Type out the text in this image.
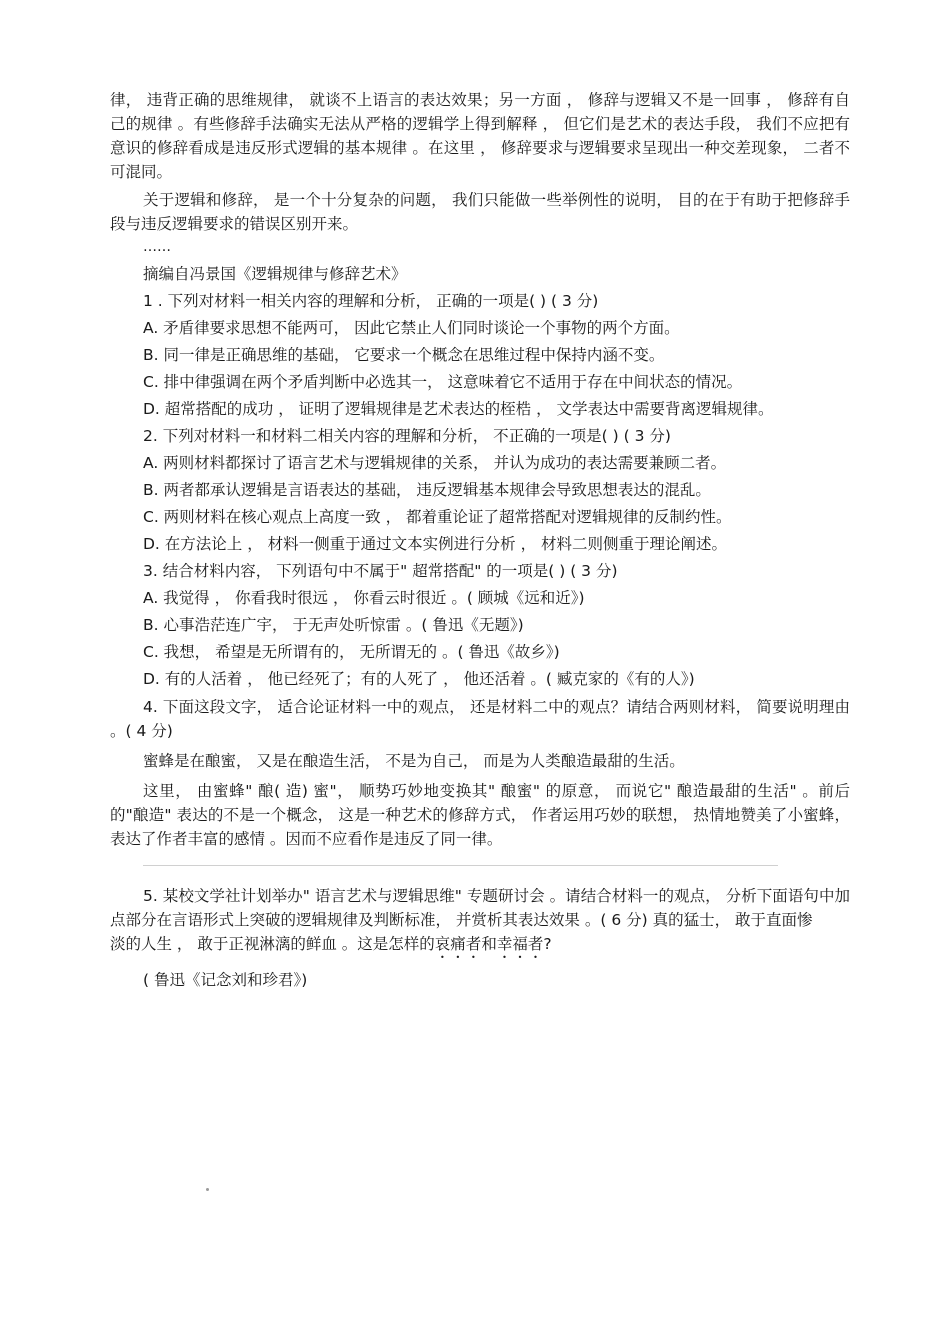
律， 违背正确的思维规律， 就谈不上语言的表达效果；另一方面 ， 修辞与逻辑又不是一回事 ， 修辞有自己的规律 。有些修辞手法确实无法从严格的逻辑学上得到解释 ， 但它们是艺术的表达手段， 我们不应把有意识的修辞看成是违反形式逻辑的基本规律 。在这里 ， 修辞要求与逻辑要求呈现出一种交差现象， 二者不可混同。

关于逻辑和修辞， 是一个十分复杂的问题， 我们只能做一些举例性的说明， 目的在于有助于把修辞手段与违反逻辑要求的错误区别开来。

……

摘编自冯景国《逻辑规律与修辞艺术》

1 . 下列对材料一相关内容的理解和分析， 正确的一项是( ) ( 3 分)

A. 矛盾律要求思想不能两可， 因此它禁止人们同时谈论一个事物的两个方面。

B. 同一律是正确思维的基础， 它要求一个概念在思维过程中保持内涵不变。

C. 排中律强调在两个矛盾判断中必选其一， 这意味着它不适用于存在中间状态的情况。

D. 超常搭配的成功 ， 证明了逻辑规律是艺术表达的桎梏 ， 文学表达中需要背离逻辑规律。

2. 下列对材料一和材料二相关内容的理解和分析， 不正确的一项是( ) ( 3 分)

A. 两则材料都探讨了语言艺术与逻辑规律的关系， 并认为成功的表达需要兼顾二者。

B. 两者都承认逻辑是言语表达的基础， 违反逻辑基本规律会导致思想表达的混乱。

C. 两则材料在核心观点上高度一致 ， 都着重论证了超常搭配对逻辑规律的反制约性。

D. 在方法论上 ， 材料一侧重于通过文本实例进行分析 ， 材料二则侧重于理论阐述。

3. 结合材料内容， 下列语句中不属于" 超常搭配" 的一项是( ) ( 3 分)

A. 我觉得 ， 你看我时很远 ， 你看云时很近 。( 顾城《远和近》)

B. 心事浩茫连广宇， 于无声处听惊雷 。( 鲁迅《无题》)

C. 我想， 希望是无所谓有的， 无所谓无的 。( 鲁迅《故乡》)

D. 有的人活着 ， 他已经死了；有的人死了 ， 他还活着 。( 臧克家的《有的人》)

4. 下面这段文字， 适合论证材料一中的观点， 还是材料二中的观点？请结合两则材料， 简要说明理由 。( 4 分)

蜜蜂是在酿蜜， 又是在酿造生活， 不是为自己， 而是为人类酿造最甜的生活。

这里， 由蜜蜂" 酿( 造) 蜜"， 顺势巧妙地变换其" 酿蜜" 的原意， 而说它" 酿造最甜的生活" 。前后的"酿造" 表达的不是一个概念， 这是一种艺术的修辞方式， 作者运用巧妙的联想， 热情地赞美了小蜜蜂，表达了作者丰富的感情 。因而不应看作是违反了同一律。

5. 某校文学社计划举办" 语言艺术与逻辑思维" 专题研讨会 。请结合材料一的观点， 分析下面语句中加点部分在言语形式上突破的逻辑规律及判断标准， 并赏析其表达效果 。( 6 分) 真的猛士， 敢于直面惨

淡的人生 ， 敢于正视淋漓的鲜血 。这是怎样的哀痛者和幸福者?

( 鲁迅《记念刘和珍君》)
